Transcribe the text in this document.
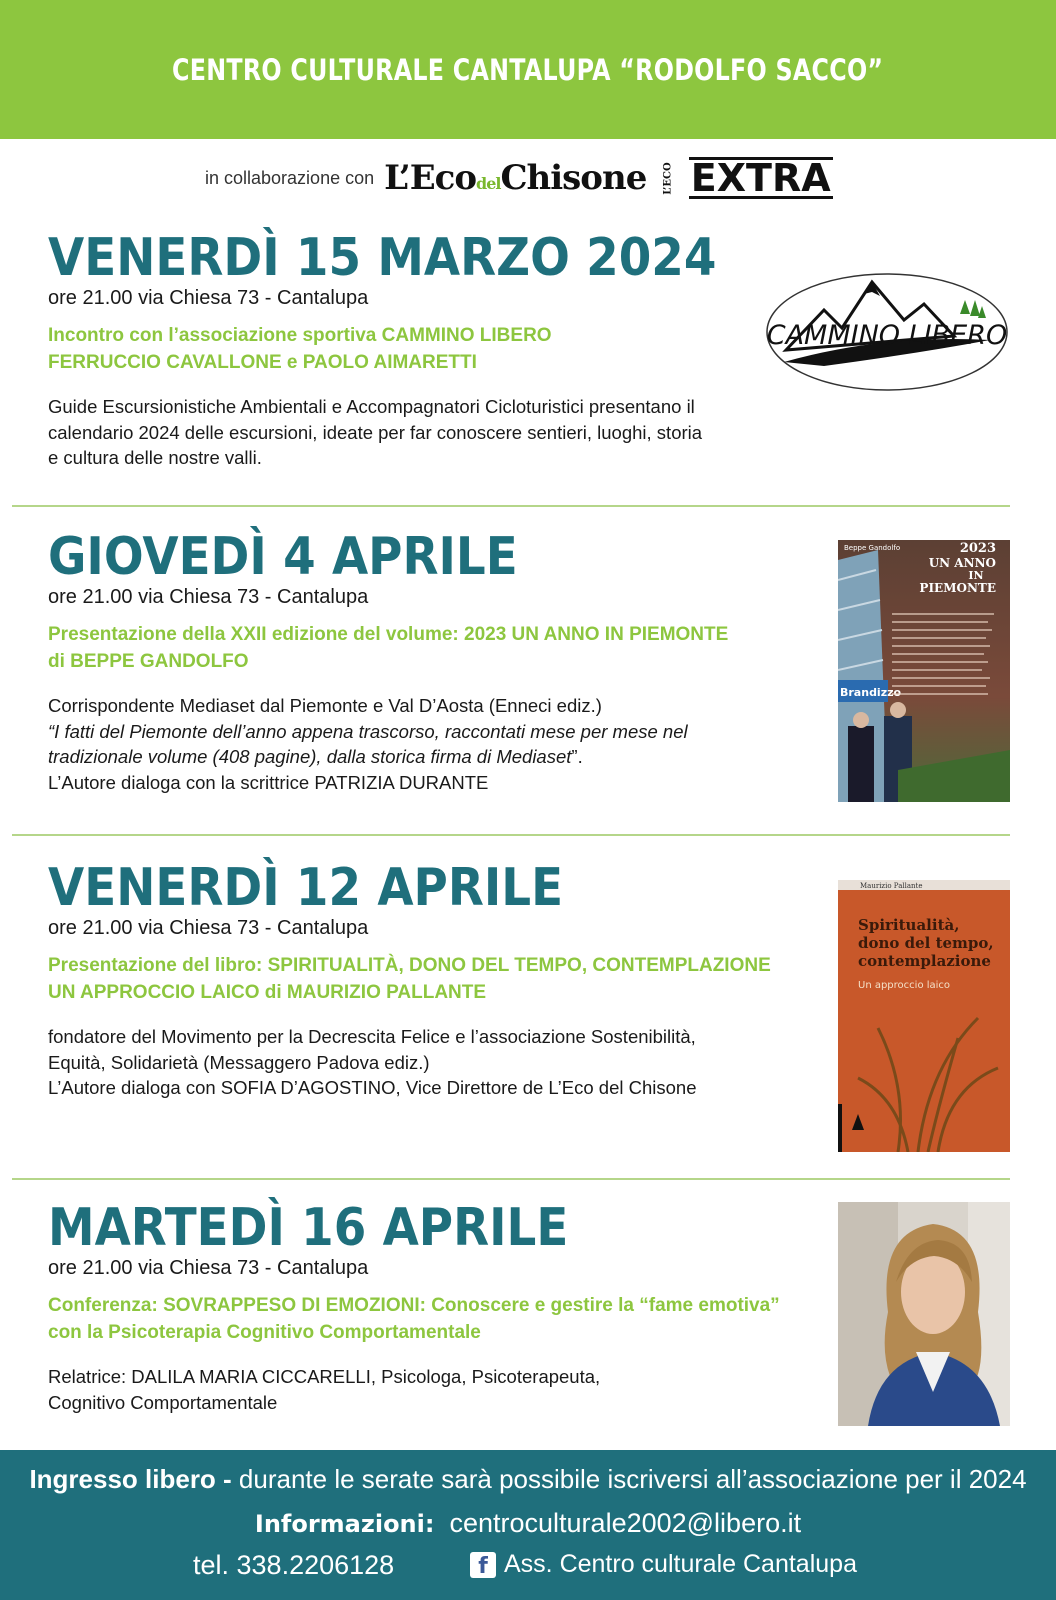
CENTRO CULTURALE CANTALUPA “RODOLFO SACCO”
in collaborazione con L’EcodelChisone L’ECO EXTRA
VENERDÌ 15 MARZO 2024
ore 21.00 via Chiesa 73 - Cantalupa
Incontro con l’associazione sportiva CAMMINO LIBERO
FERRUCCIO CAVALLONE e PAOLO AIMARETTI
Guide Escursionistiche Ambientali e Accompagnatori Cicloturistici presentano il
calendario 2024 delle escursioni, ideate per far conoscere sentieri, luoghi, storia
e cultura delle nostre valli.
CAMMINO LIBERO
GIOVEDÌ 4 APRILE
ore 21.00 via Chiesa 73 - Cantalupa
Presentazione della XXII edizione del volume: 2023 UN ANNO IN PIEMONTE
di BEPPE GANDOLFO
Corrispondente Mediaset dal Piemonte e Val D’Aosta (Enneci ediz.)
“I fatti del Piemonte dell’anno appena trascorso, raccontati mese per mese nel
tradizionale volume (408 pagine), dalla storica firma di Mediaset”.
L’Autore dialoga con la scrittrice PATRIZIA DURANTE
Brandizzo
Beppe Gandolfo	2023
UN ANNO
IN
PIEMONTE
VENERDÌ 12 APRILE
ore 21.00 via Chiesa 73 - Cantalupa
Presentazione del libro: SPIRITUALITÀ, DONO DEL TEMPO, CONTEMPLAZIONE
UN APPROCCIO LAICO di MAURIZIO PALLANTE
fondatore del Movimento per la Decrescita Felice e l’associazione Sostenibilità,
Equità, Solidarietà (Messaggero Padova ediz.)
L’Autore dialoga con SOFIA D’AGOSTINO, Vice Direttore de L’Eco del Chisone
Maurizio Pallante
Spiritualità,
dono del tempo,
contemplazione
Un approccio laico
MARTEDÌ 16 APRILE
ore 21.00 via Chiesa 73 - Cantalupa
Conferenza: SOVRAPPESO DI EMOZIONI: Conoscere e gestire la “fame emotiva”
con la Psicoterapia Cognitivo Comportamentale
Relatrice: DALILA MARIA CICCARELLI, Psicologa, Psicoterapeuta,
Cognitivo Comportamentale
Ingresso libero - durante le serate sarà possibile iscriversi all’associazione per il 2024
Informazioni: centroculturale2002@libero.it
tel. 338.2206128	f Ass. Centro culturale Cantalupa
